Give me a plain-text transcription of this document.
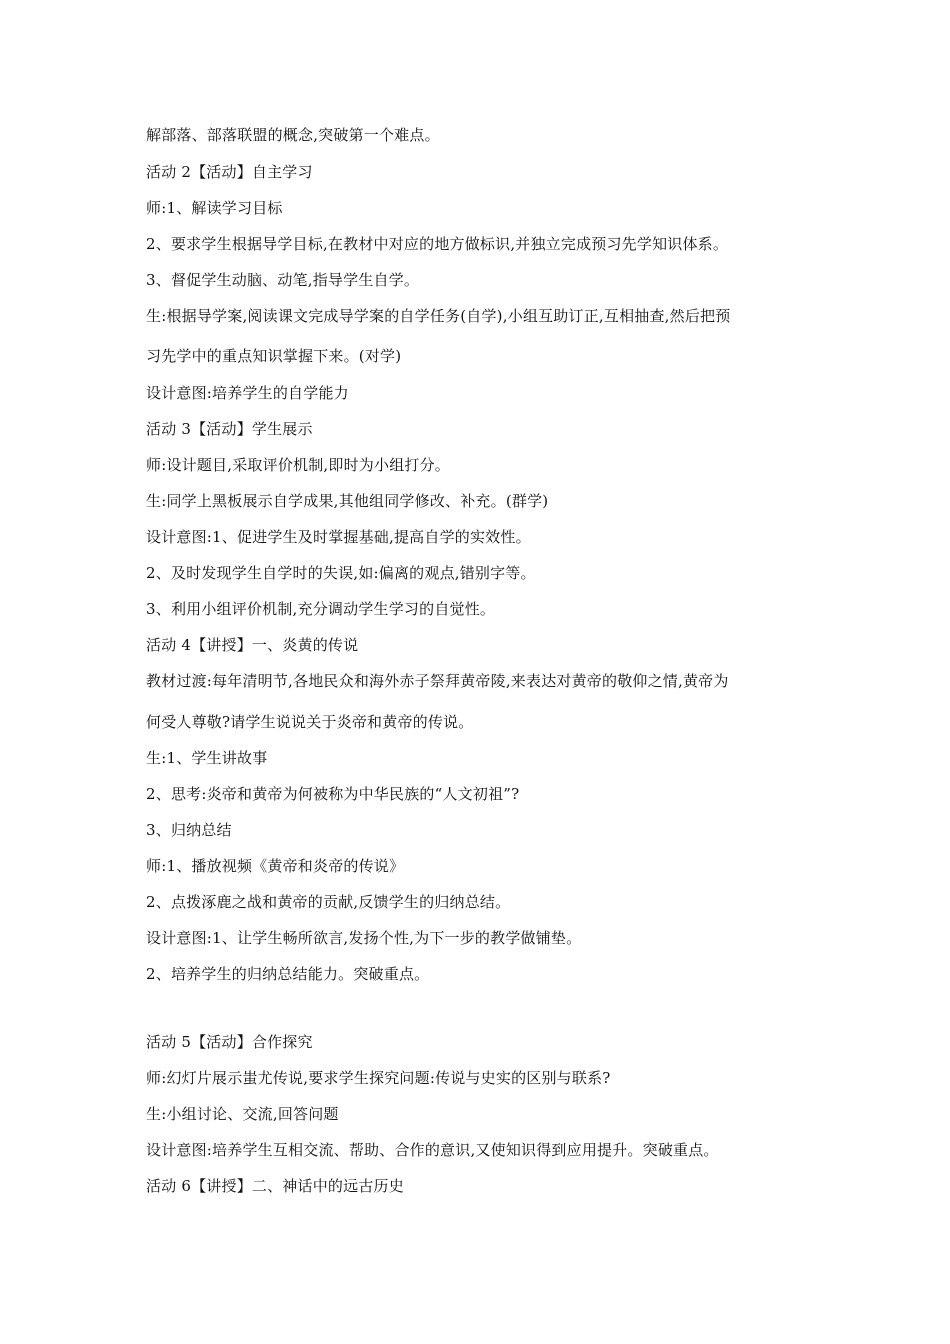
解部落、部落联盟的概念,突破第一个难点。
活动 2【活动】自主学习
师:1、解读学习目标
2、要求学生根据导学目标,在教材中对应的地方做标识,并独立完成预习先学知识体系。
3、督促学生动脑、动笔,指导学生自学。
生:根据导学案,阅读课文完成导学案的自学任务(自学),小组互助订正,互相抽查,然后把预
习先学中的重点知识掌握下来。(对学)
设计意图:培养学生的自学能力
活动 3【活动】学生展示
师:设计题目,采取评价机制,即时为小组打分。
生:同学上黑板展示自学成果,其他组同学修改、补充。(群学)
设计意图:1、促进学生及时掌握基础,提高自学的实效性。
2、及时发现学生自学时的失误,如:偏离的观点,错别字等。
3、利用小组评价机制,充分调动学生学习的自觉性。
活动 4【讲授】一、炎黄的传说
教材过渡:每年清明节,各地民众和海外赤子祭拜黄帝陵,来表达对黄帝的敬仰之情,黄帝为
何受人尊敬?请学生说说关于炎帝和黄帝的传说。
生:1、学生讲故事
2、思考:炎帝和黄帝为何被称为中华民族的“人文初祖”?
3、归纳总结
师:1、播放视频《黄帝和炎帝的传说》
2、点拨涿鹿之战和黄帝的贡献,反馈学生的归纳总结。
设计意图:1、让学生畅所欲言,发扬个性,为下一步的教学做铺垫。
2、培养学生的归纳总结能力。突破重点。
活动 5【活动】合作探究
师:幻灯片展示蚩尤传说,要求学生探究问题:传说与史实的区别与联系?
生:小组讨论、交流,回答问题
设计意图:培养学生互相交流、帮助、合作的意识,又使知识得到应用提升。突破重点。
活动 6【讲授】二、神话中的远古历史
